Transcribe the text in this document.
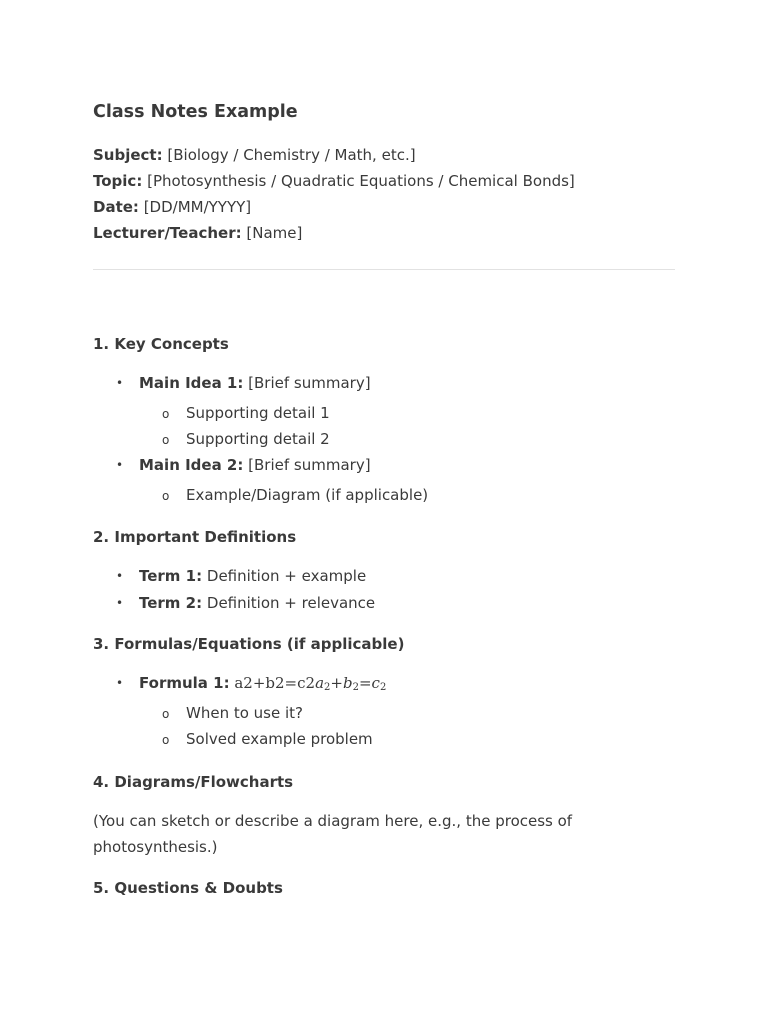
Class Notes Example
Subject: [Biology / Chemistry / Math, etc.]
Topic: [Photosynthesis / Quadratic Equations / Chemical Bonds]
Date: [DD/MM/YYYY]
Lecturer/Teacher: [Name]
1. Key Concepts
• Main Idea 1: [Brief summary]
o Supporting detail 1
o Supporting detail 2
• Main Idea 2: [Brief summary]
o Example/Diagram (if applicable)
2. Important Definitions
• Term 1: Definition + example
• Term 2: Definition + relevance
3. Formulas/Equations (if applicable)
• Formula 1: $a2+b2=c2a_2+b_2=c_2$
o When to use it?
o Solved example problem
4. Diagrams/Flowcharts

(You can sketch or describe a diagram here, e.g., the process of photosynthesis.)

5. Questions & Doubts
